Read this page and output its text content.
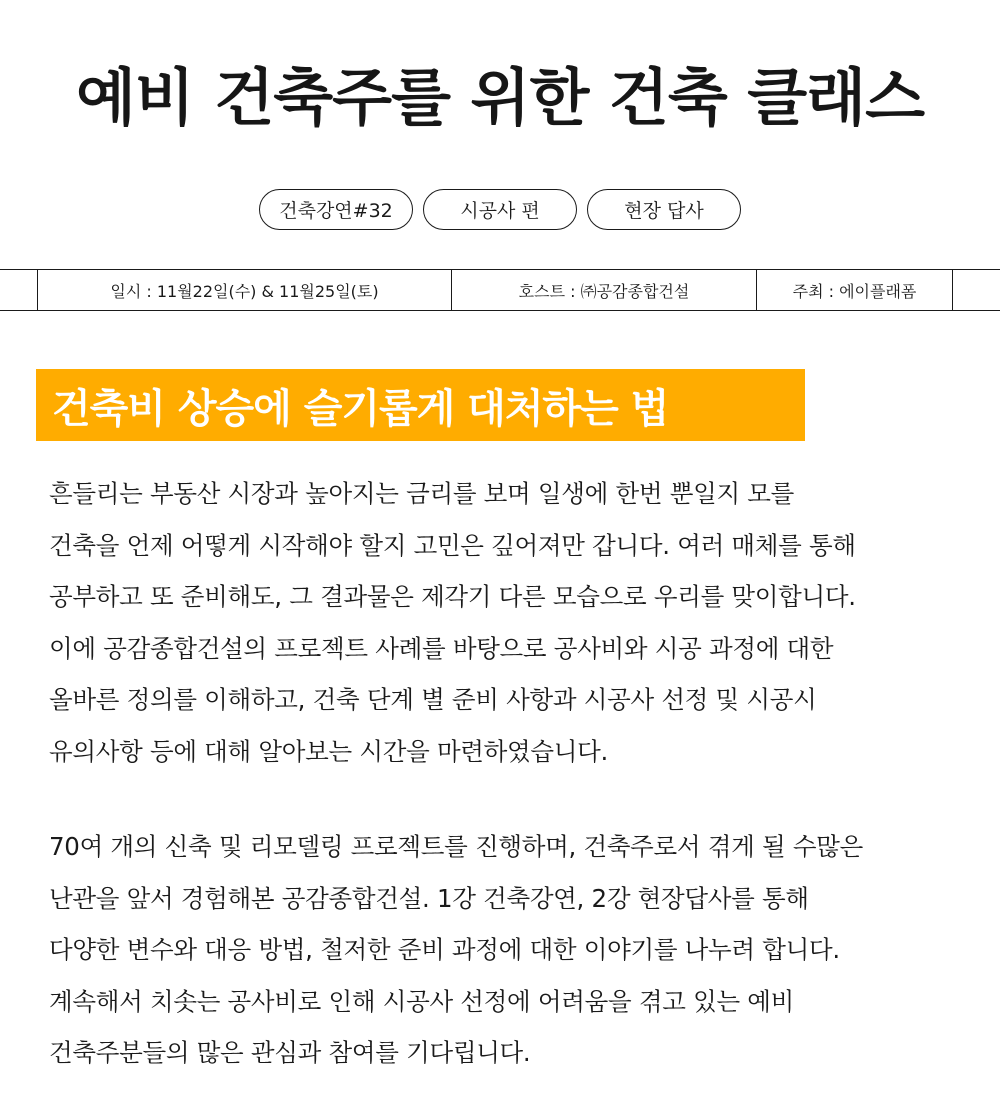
예비 건축주를 위한 건축 클래스
건축강연#32	시공사 편	현장 답사
일시 : 11월22일(수) & 11월25일(토)	호스트 : ㈜공감종합건설	주최 : 에이플래폼
건축비 상승에 슬기롭게 대처하는 법
흔들리는 부동산 시장과 높아지는 금리를 보며 일생에 한번 뿐일지 모를
건축을 언제 어떻게 시작해야 할지 고민은 깊어져만 갑니다. 여러 매체를 통해
공부하고 또 준비해도, 그 결과물은 제각기 다른 모습으로 우리를 맞이합니다.
이에 공감종합건설의 프로젝트 사례를 바탕으로 공사비와 시공 과정에 대한
올바른 정의를 이해하고, 건축 단계 별 준비 사항과 시공사 선정 및 시공시
유의사항 등에 대해 알아보는 시간을 마련하였습니다.
70여 개의 신축 및 리모델링 프로젝트를 진행하며, 건축주로서 겪게 될 수많은
난관을 앞서 경험해본 공감종합건설. 1강 건축강연, 2강 현장답사를 통해
다양한 변수와 대응 방법, 철저한 준비 과정에 대한 이야기를 나누려 합니다.
계속해서 치솟는 공사비로 인해 시공사 선정에 어려움을 겪고 있는 예비
건축주분들의 많은 관심과 참여를 기다립니다.
